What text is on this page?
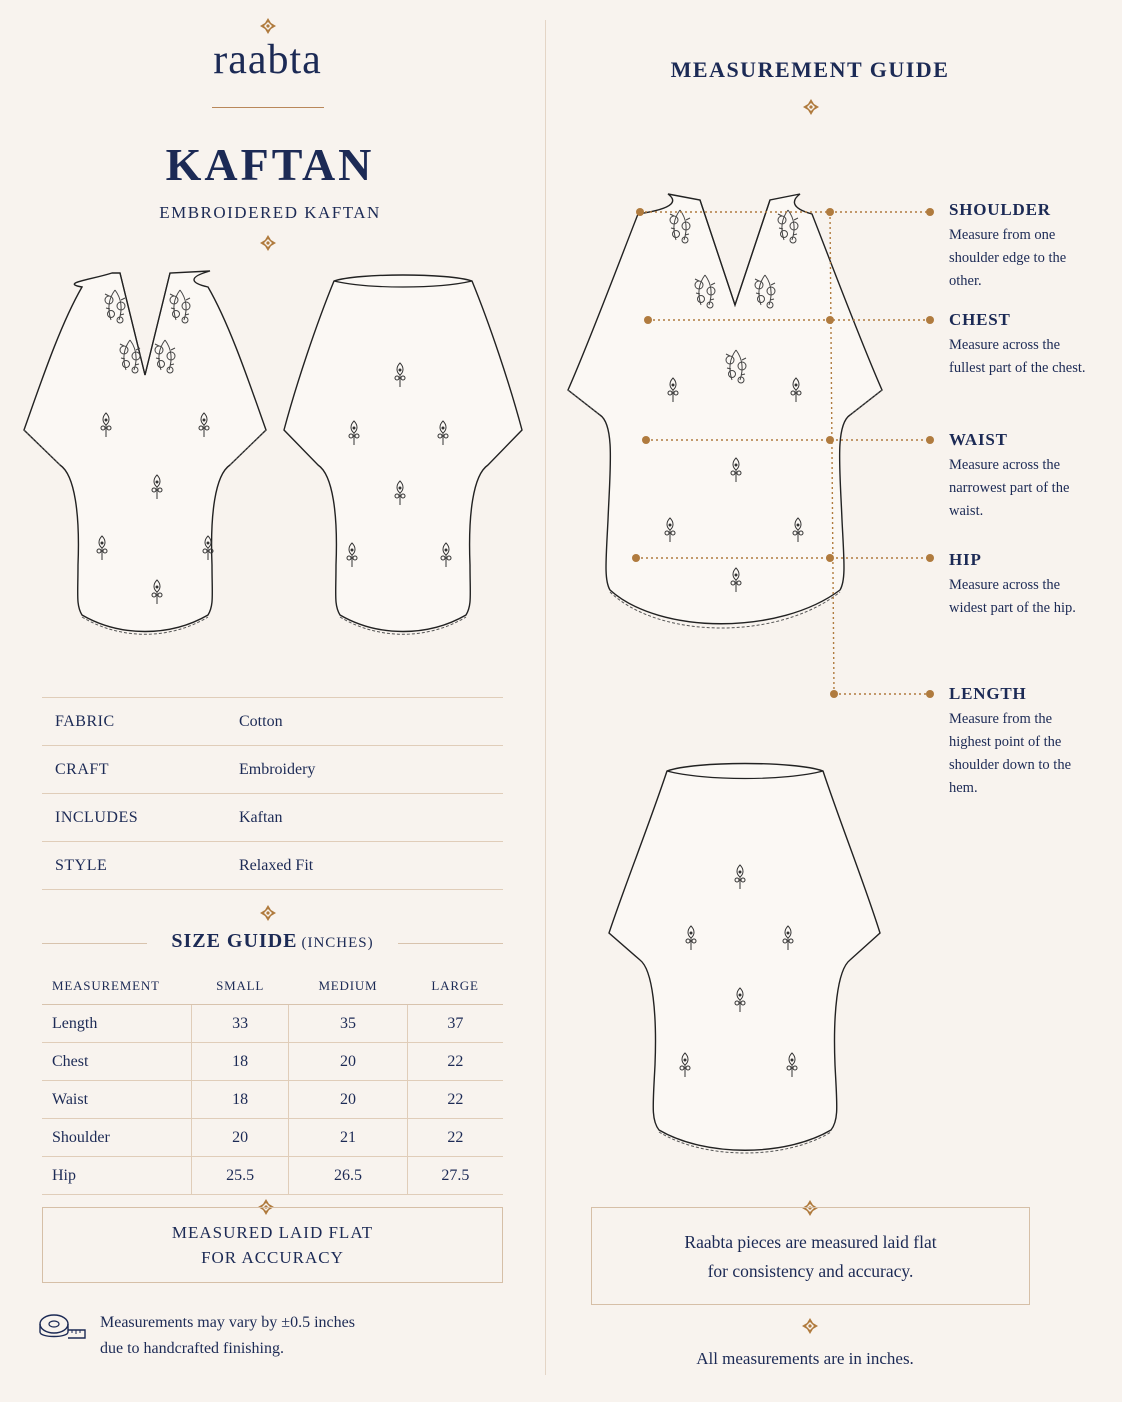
raabta
KAFTAN
EMBROIDERED KAFTAN
FABRIC	Cotton
CRAFT	Embroidery
INCLUDES	Kaftan
STYLE	Relaxed Fit
SIZE GUIDE (INCHES)
MEASUREMENT	SMALL	MEDIUM	LARGE
Length	33	35	37
Chest	18	20	22
Waist	18	20	22
Shoulder	20	21	22
Hip	25.5	26.5	27.5
MEASURED LAID FLAT
FOR ACCURACY
Measurements may vary by ±0.5 inches
due to handcrafted finishing.
MEASUREMENT GUIDE
SHOULDER
Measure from one shoulder edge to the other.
CHEST
Measure across the fullest part of the chest.
WAIST
Measure across the narrowest part of the waist.
HIP
Measure across the widest part of the hip.
LENGTH
Measure from the highest point of the shoulder down to the hem.
Raabta pieces are measured laid flat
for consistency and accuracy.
All measurements are in inches.
